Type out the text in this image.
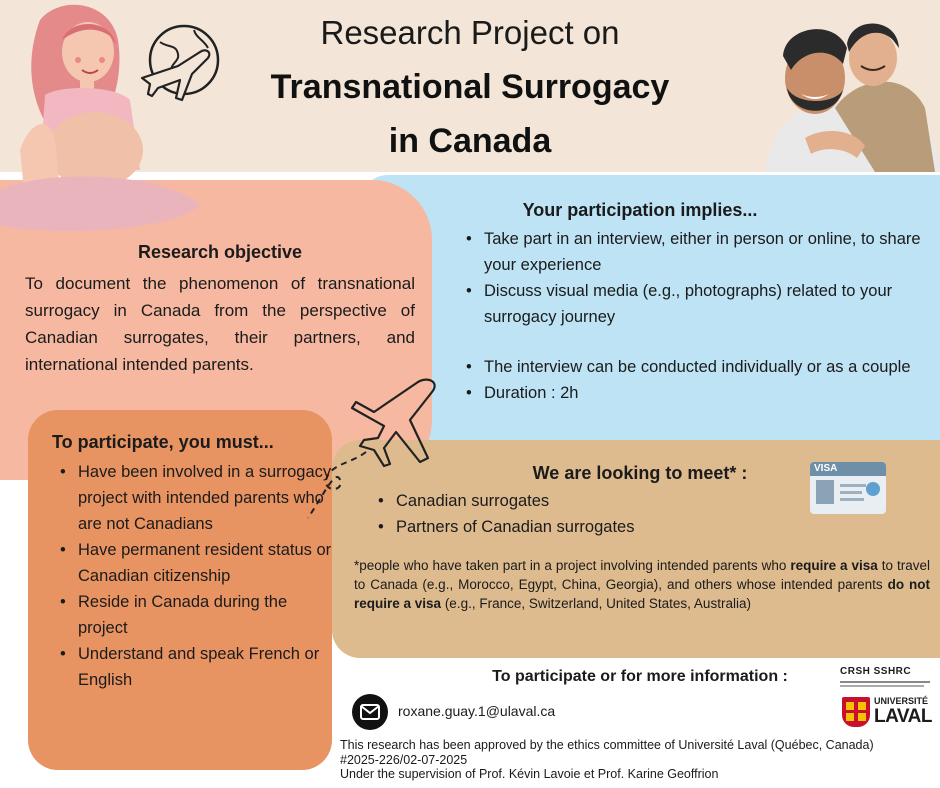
Research Project on
Transnational Surrogacy
in Canada
Research objective
To document the phenomenon of transnational surrogacy in Canada from the perspective of Canadian surrogates, their partners, and international intended parents.
Your participation implies...
• Take part in an interview, either in person or online, to share your experience
• Discuss visual media (e.g., photographs) related to your surrogacy journey
• The interview can be conducted individually or as a couple
• Duration : 2h
To participate, you must...
• Have been involved in a surrogacy project with intended parents who are not Canadians
• Have permanent resident status or Canadian citizenship
• Reside in Canada during the project
• Understand and speak French or English
We are looking to meet* :
• Canadian surrogates
• Partners of Canadian surrogates
VISA
*people who have taken part in a project involving intended parents who require a visa to travel to Canada (e.g., Morocco, Egypt, China, Georgia), and others whose intended parents do not require a visa (e.g., France, Switzerland, United States, Australia)
To participate or for more information :
roxane.guay.1@ulaval.ca
This research has been approved by the ethics committee of Université Laval (Québec, Canada)
#2025-226/02-07-2025
Under the supervision of Prof. Kévin Lavoie et Prof. Karine Geoffrion
CRSH SSHRC
UNIVERSITÉ
LAVAL
